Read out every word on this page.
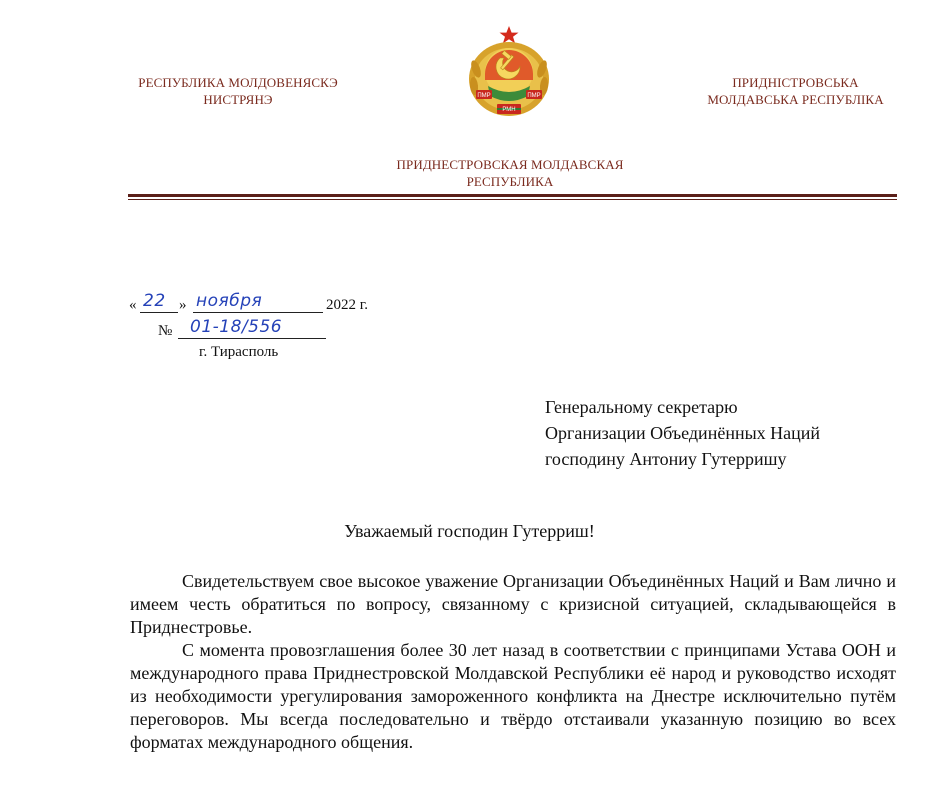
РЕСПУБЛИКА МОЛДОВЕНЯСКЭ
НИСТРЯНЭ	ПМР	ПМР
РМН
ПРИДНІСТРОВСЬКА
МОЛДАВСЬКА РЕСПУБЛІКА
ПРИДНЕСТРОВСКАЯ МОЛДАВСКАЯ
РЕСПУБЛИКА
« 22 » ноября	2022 г.
№ 01-18/556
г. Тирасполь
Генеральному секретарю
Организации Объединённых Наций
господину Антониу Гутерришу
Уважаемый господин Гутерриш!

Свидетельствуем свое высокое уважение Организации Объединённых Наций и Вам лично и имеем честь обратиться по вопросу, связанному с кризисной ситуацией, складывающейся в Приднестровье.

С момента провозглашения более 30 лет назад в соответствии с принципами Устава ООН и международного права Приднестровской Молдавской Республики её народ и руководство исходят из необходимости урегулирования замороженного конфликта на Днестре исключительно путём переговоров. Мы всегда последовательно и твёрдо отстаивали указанную позицию во всех форматах международного общения.
